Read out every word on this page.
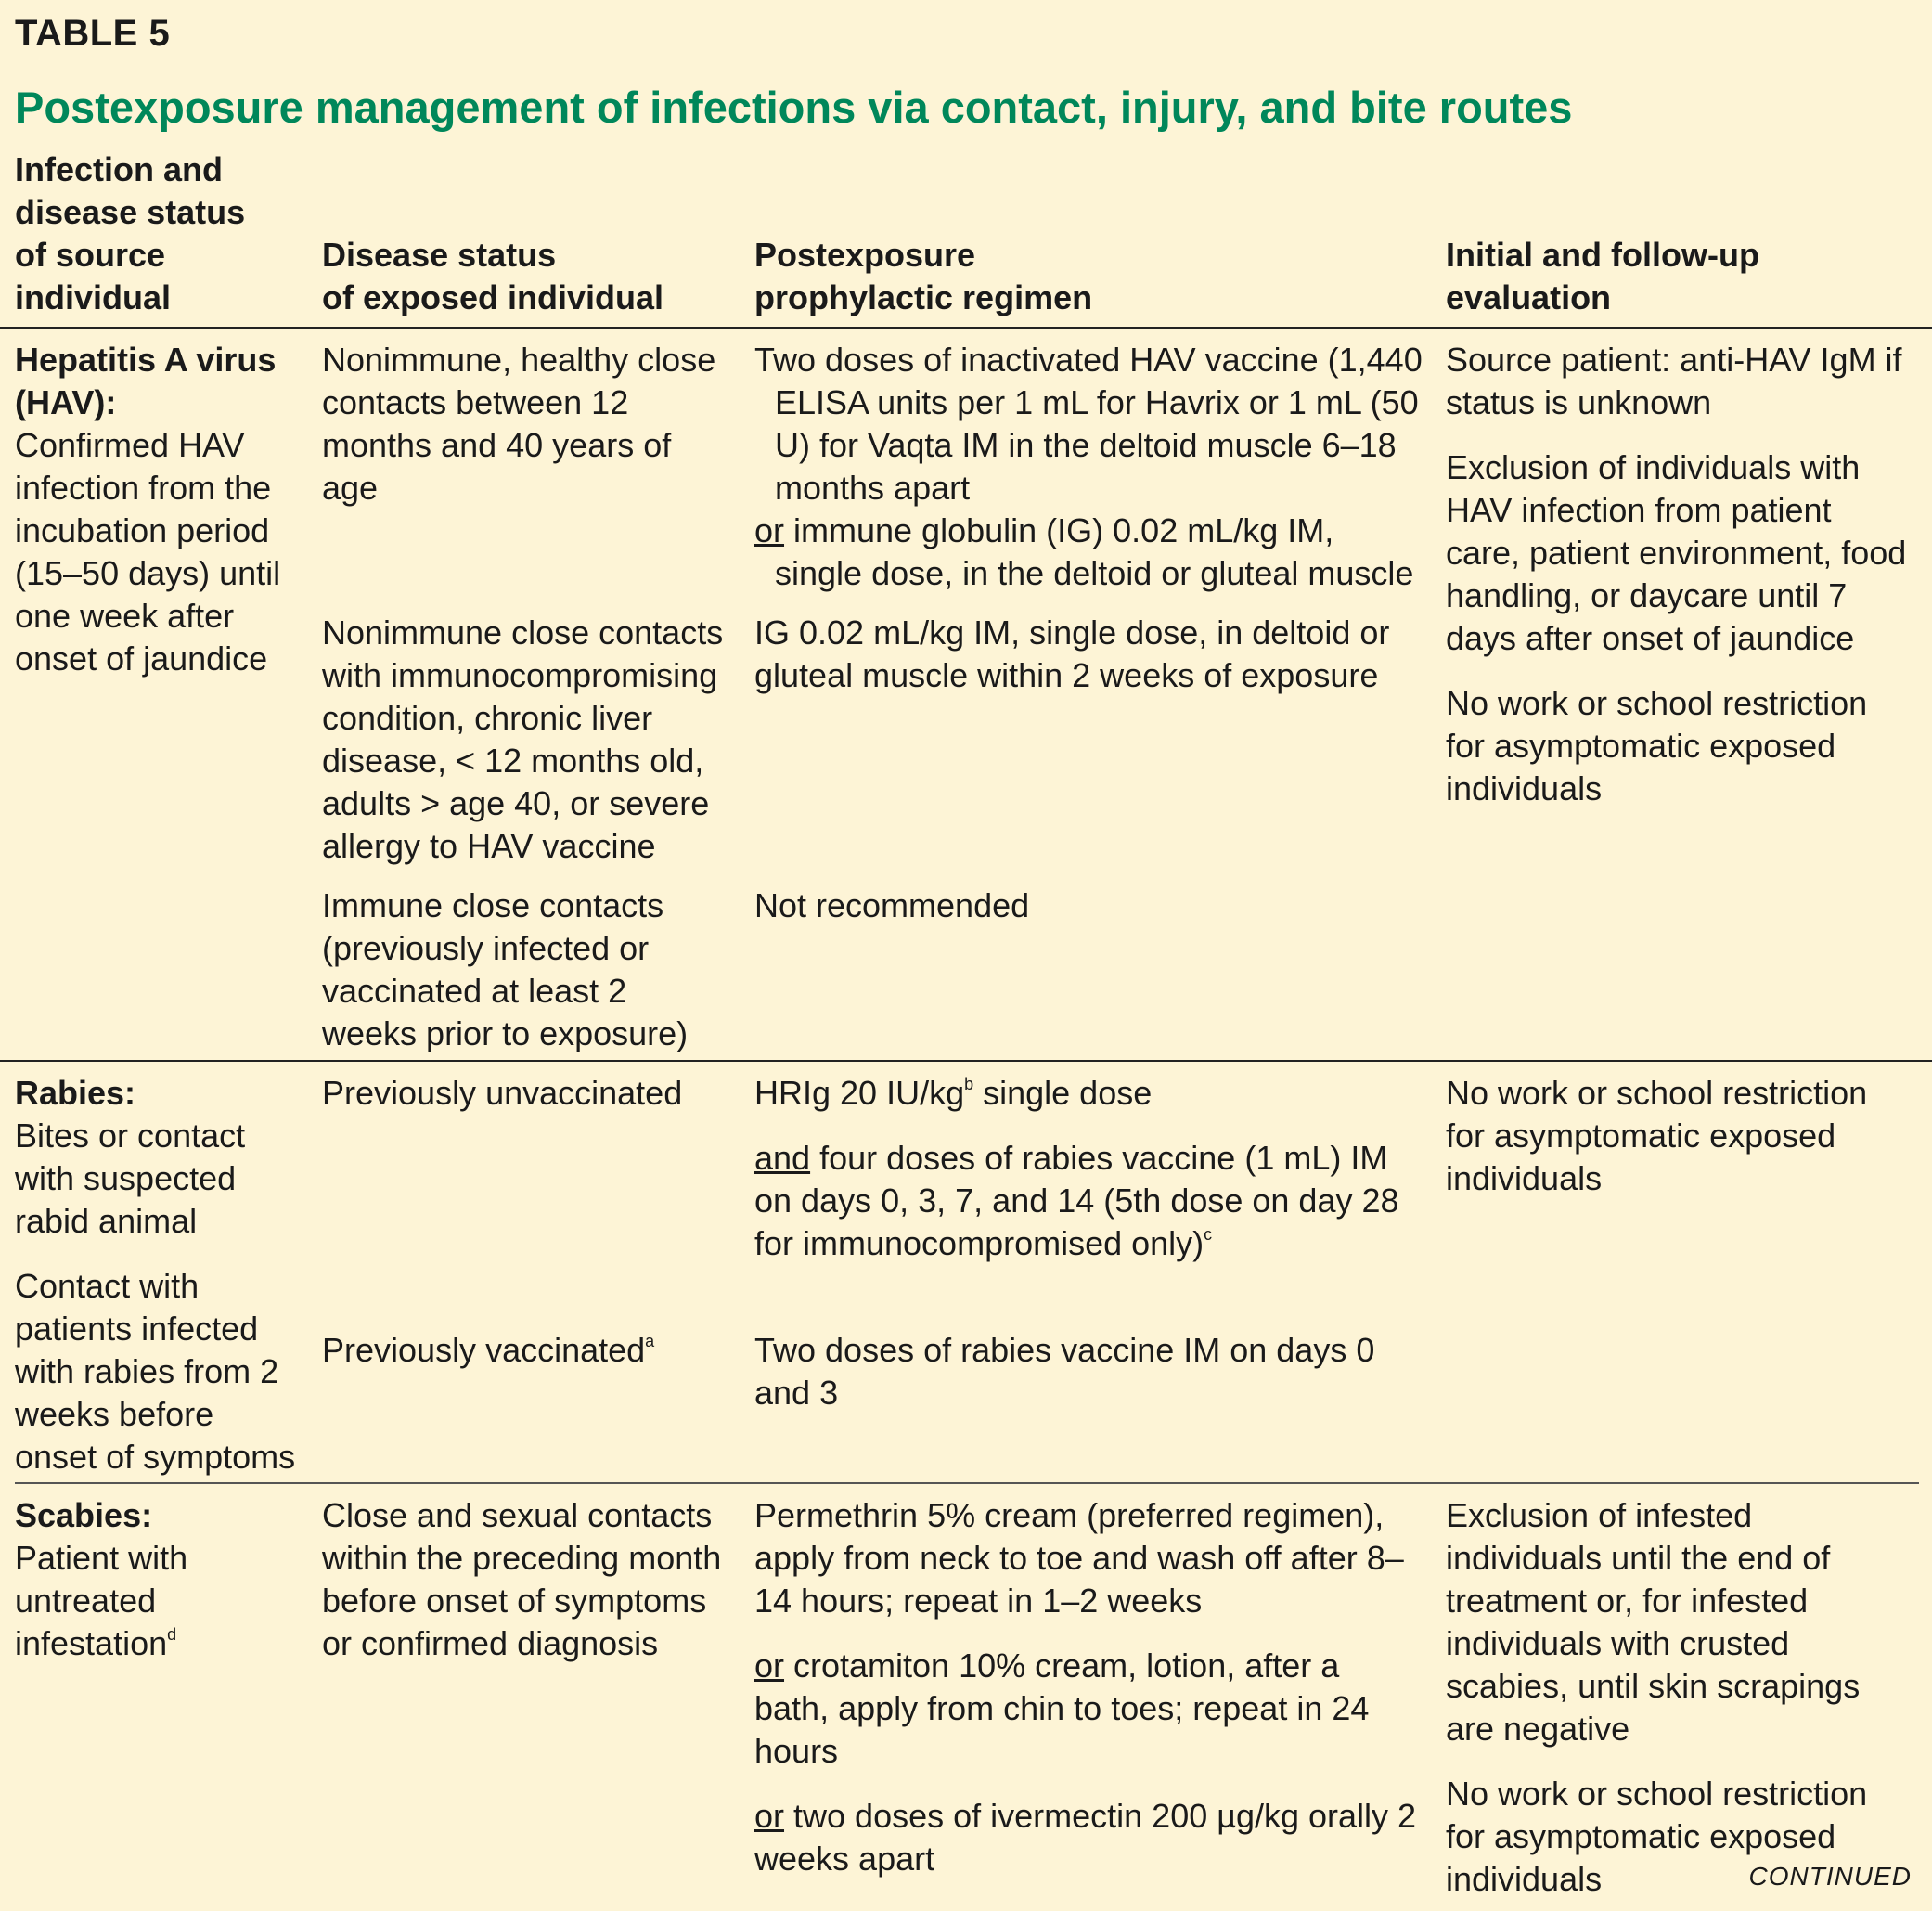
TABLE 5
Postexposure management of infections via contact, injury, and bite routes
Infection and
disease status
of source
individual
Disease status
of exposed individual
Postexposure
prophylactic regimen
Initial and follow-up
evaluation
Hepatitis A virus (HAV):
Confirmed HAV infection from the incubation period (15–50 days) until one week after onset of jaundice
Nonimmune, healthy close contacts between 12 months and 40 years of age
Nonimmune close contacts with immunocompromising condition, chronic liver disease, < 12 months old, adults > age 40, or severe allergy to HAV vaccine
Immune close contacts (previously infected or vaccinated at least 2 weeks prior to exposure)
Two doses of inactivated HAV vaccine (1,440 ELISA units per 1 mL for Havrix or 1 mL (50 U) for Vaqta IM in the deltoid muscle 6–18 months apart
or immune globulin (IG) 0.02 mL/kg IM, single dose, in the deltoid or gluteal muscle
IG 0.02 mL/kg IM, single dose, in deltoid or gluteal muscle within 2 weeks of exposure
Not recommended
Source patient: anti-HAV IgM if status is unknown
Exclusion of individuals with HAV infection from patient care, patient environment, food handling, or daycare until 7 days after onset of jaundice
No work or school restriction for asymptomatic exposed individuals
Rabies:
Bites or contact with suspected rabid animal
Contact with patients infected with rabies from 2 weeks before onset of symptoms
Previously unvaccinated
Previously vaccinated$^a$
HRIg 20 $IU/kg^b$ single dose
and four doses of rabies vaccine (1 mL) IM on days 0, 3, 7, and 14 (5th dose on day 28 for immunocompromised only)$^c$
Two doses of rabies vaccine IM on days 0 and 3
No work or school restriction for asymptomatic exposed individuals
Scabies:
Patient with untreated infestation$^d$
Close and sexual contacts within the preceding month before onset of symptoms or confirmed diagnosis
Permethrin 5% cream (preferred regimen), apply from neck to toe and wash off after 8–14 hours; repeat in 1–2 weeks
or crotamiton 10% cream, lotion, after a bath, apply from chin to toes; repeat in 24 hours
or two doses of ivermectin 200 µg/kg orally 2 weeks apart
Exclusion of infested individuals until the end of treatment or, for infested individuals with crusted scabies, until skin scrapings are negative
No work or school restriction for asymptomatic exposed individuals	CONTINUED
